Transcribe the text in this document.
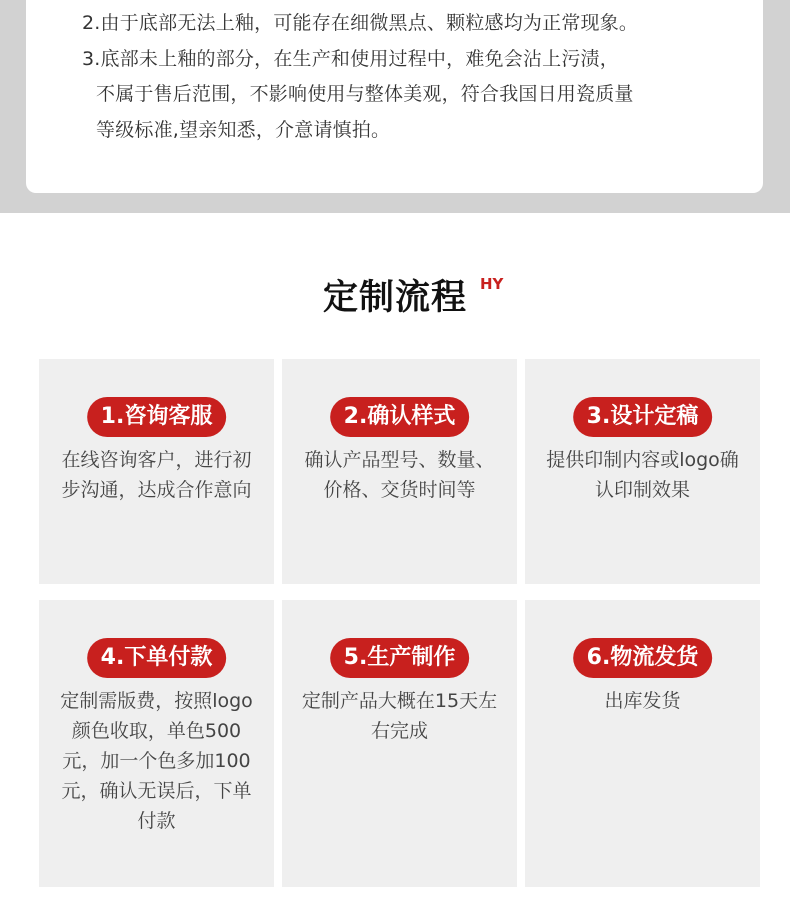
2.由于底部无法上釉，可能存在细微黑点、颗粒感均为正常现象。
3.底部未上釉的部分，在生产和使用过程中，难免会沾上污渍，
不属于售后范围，不影响使用与整体美观，符合我国日用瓷质量
等级标准,望亲知悉，介意请慎拍。
定制流程 HY
1.咨询客服
在线咨询客户，进行初步沟通，达成合作意向
2.确认样式
确认产品型号、数量、价格、交货时间等
3.设计定稿
提供印制内容或logo确认印制效果
4.下单付款
定制需版费，按照logo颜色收取，单色500元，加一个色多加100元，确认无误后，下单付款
5.生产制作
定制产品大概在15天左右完成
6.物流发货
出库发货
